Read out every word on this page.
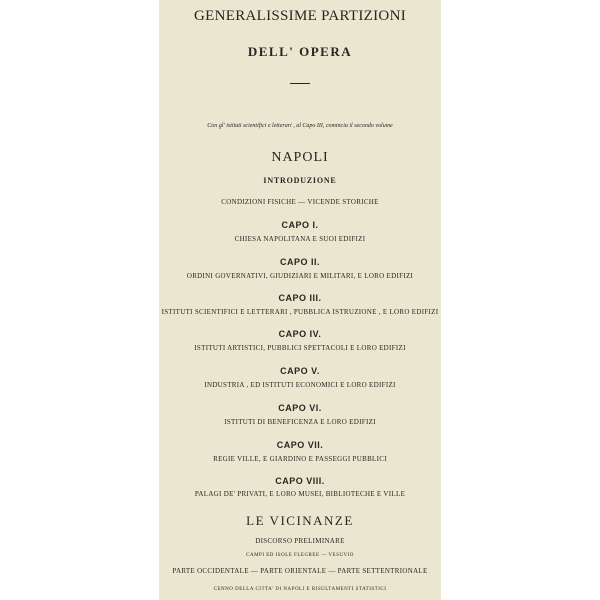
GENERALISSIME PARTIZIONI
DELL' OPERA
Con gl' istituti scientifici e letterari , al Capo III, comincia il secondo volume
NAPOLI
INTRODUZIONE
CONDIZIONI FISICHE — VICENDE STORICHE
CAPO I.
CHIESA NAPOLITANA E SUOI EDIFIZI
CAPO II.
ORDINI GOVERNATIVI, GIUDIZIARI E MILITARI, E LORO EDIFIZI
CAPO III.
ISTITUTI SCIENTIFICI E LETTERARI , PUBBLICA ISTRUZIONE , E LORO EDIFIZI
CAPO IV.
ISTITUTI ARTISTICI, PUBBLICI SPETTACOLI E LORO EDIFIZI
CAPO V.
INDUSTRIA , ED ISTITUTI ECONOMICI E LORO EDIFIZI
CAPO VI.
ISTITUTI DI BENEFICENZA E LORO EDIFIZI
CAPO VII.
REGIE VILLE, E GIARDINO E PASSEGGI PUBBLICI
CAPO VIII.
PALAGI DE' PRIVATI, E LORO MUSEI, BIBLIOTECHE E VILLE
LE VICINANZE
DISCORSO PRELIMINARE
CAMPI ED ISOLE FLEGREE — VESUVIO
PARTE OCCIDENTALE — PARTE ORIENTALE — PARTE SETTENTRIONALE
CENNO DELLA CITTA' DI NAPOLI E RISULTAMENTI STATISTICI
